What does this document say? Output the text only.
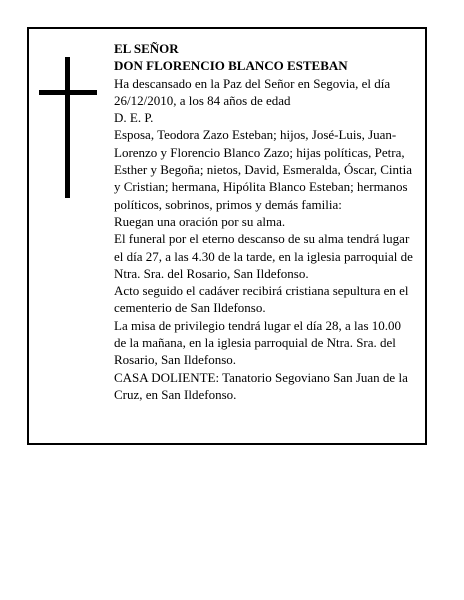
EL SEÑOR

DON FLORENCIO BLANCO ESTEBAN

Ha descansado en la Paz del Señor en Segovia, el día 26/12/2010, a los 84 años de edad

D. E. P.

Esposa, Teodora Zazo Esteban; hijos, José-Luis, Juan-Lorenzo y Florencio Blanco Zazo; hijas políticas, Petra, Esther y Begoña; nietos, David, Esmeralda, Óscar, Cintia y Cristian; hermana, Hipólita Blanco Esteban; hermanos políticos, sobrinos, primos y demás familia:

Ruegan una oración por su alma.

El funeral por el eterno descanso de su alma tendrá lugar el día 27, a las 4.30 de la tarde, en la iglesia parroquial de Ntra. Sra. del Rosario, San Ildefonso.

Acto seguido el cadáver recibirá cristiana sepultura en el cementerio de San Ildefonso.

La misa de privilegio tendrá lugar el día 28, a las 10.00 de la mañana, en la iglesia parroquial de Ntra. Sra. del Rosario, San Ildefonso.

CASA DOLIENTE: Tanatorio Segoviano San Juan de la Cruz, en San Ildefonso.
